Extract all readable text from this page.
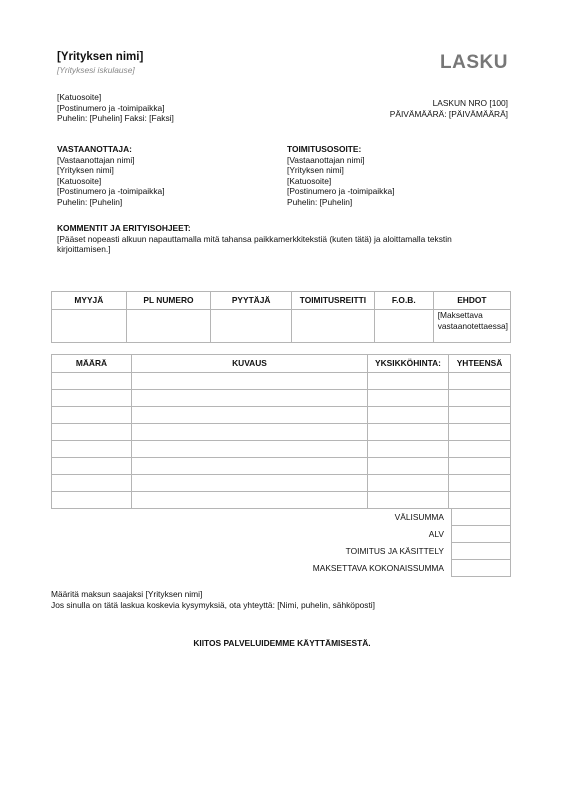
[Yrityksen nimi]
[Yrityksesi iskulause]	LASKU
[Katuosoite]
[Postinumero ja -toimipaikka]
Puhelin: [Puhelin] Faksi: [Faksi]
LASKUN NRO [100]
PÄIVÄMÄÄRÄ: [PÄIVÄMÄÄRÄ]
VASTAANOTTAJA:
[Vastaanottajan nimi]
[Yrityksen nimi]
[Katuosoite]
[Postinumero ja -toimipaikka]
Puhelin: [Puhelin]
TOIMITUSOSOITE:
[Vastaanottajan nimi]
[Yrityksen nimi]
[Katuosoite]
[Postinumero ja -toimipaikka]
Puhelin: [Puhelin]
KOMMENTIT JA ERITYISOHJEET:
[Pääset nopeasti alkuun napauttamalla mitä tahansa paikkamerkkitekstiä (kuten tätä) ja aloittamalla tekstin kirjoittamisen.]
MYYJÄ	PL NUMERO	PYYTÄJÄ	TOIMITUSREITTI	F.O.B.	EHDOT
					[Maksettava vastaanotettaessa]
MÄÄRÄ	KUVAUS	YKSIKKÖHINTA:	YHTEENSÄ

VÄLISUMMA	
ALV	
TOIMITUS JA KÄSITTELY	
MAKSETTAVA KOKONAISSUMMA	
Määritä maksun saajaksi [Yrityksen nimi]
Jos sinulla on tätä laskua koskevia kysymyksiä, ota yhteyttä: [Nimi, puhelin, sähköposti]
KIITOS PALVELUIDEMME KÄYTTÄMISESTÄ.
